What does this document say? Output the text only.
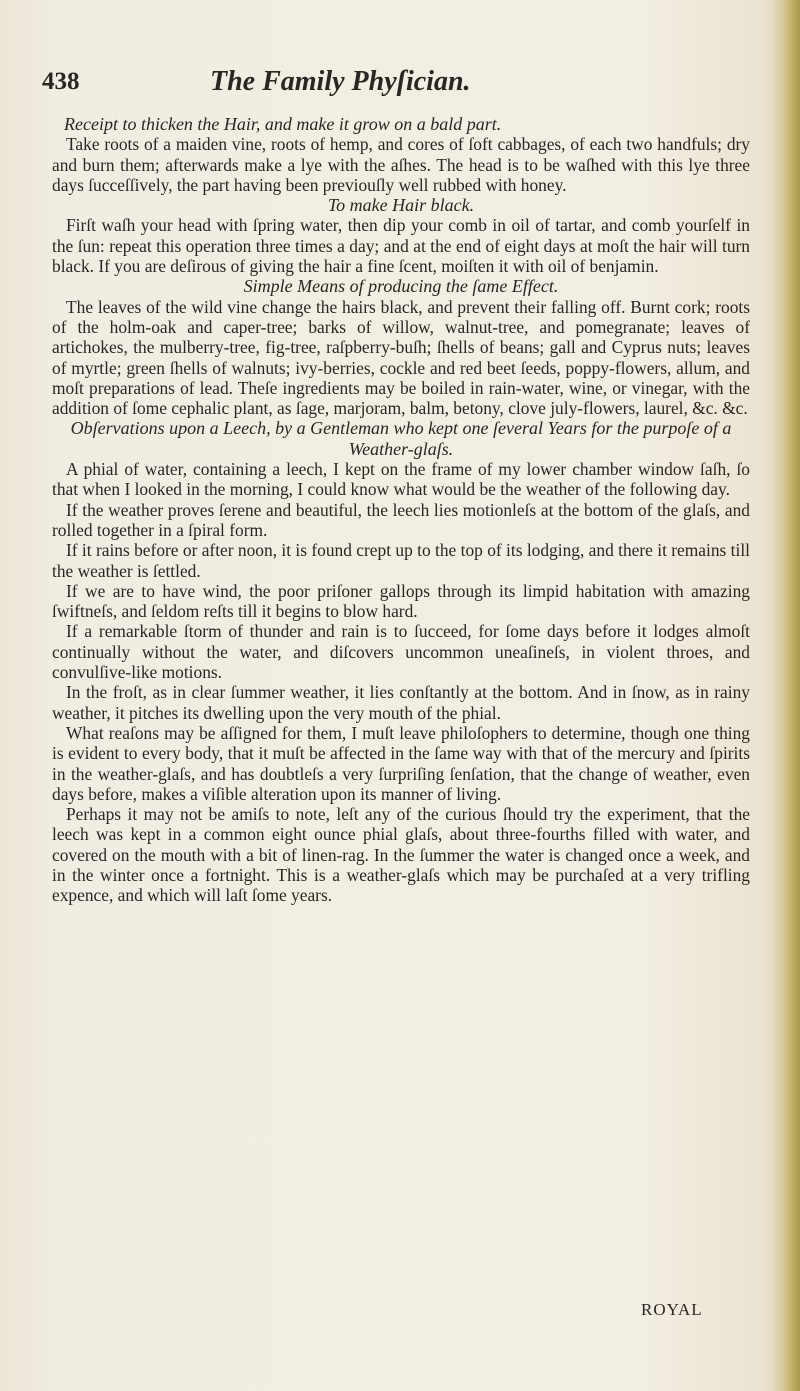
438	The Family Phyſician.
Receipt to thicken the Hair, and make it grow on a bald part.

Take roots of a maiden vine, roots of hemp, and cores of ſoft cabbages, of each two handfuls; dry and burn them; afterwards make a lye with the aſhes. The head is to be waſhed with this lye three days ſucceſſively, the part having been previouſly well rubbed with honey.

To make Hair black.

Firſt waſh your head with ſpring water, then dip your comb in oil of tartar, and comb yourſelf in the ſun: repeat this operation three times a day; and at the end of eight days at moſt the hair will turn black. If you are deſirous of giving the hair a fine ſcent, moiſten it with oil of benjamin.

Simple Means of producing the ſame Effect.

The leaves of the wild vine change the hairs black, and prevent their falling off. Burnt cork; roots of the holm-oak and caper-tree; barks of willow, walnut-tree, and pomegranate; leaves of artichokes, the mulberry-tree, fig-tree, raſpberry-buſh; ſhells of beans; gall and Cyprus nuts; leaves of myrtle; green ſhells of walnuts; ivy-berries, cockle and red beet ſeeds, poppy-flowers, allum, and moſt preparations of lead. Theſe ingredients may be boiled in rain-water, wine, or vinegar, with the addition of ſome cephalic plant, as ſage, marjoram, balm, betony, clove july-flowers, laurel, &c. &c.

Obſervations upon a Leech, by a Gentleman who kept one ſeveral Years for the purpoſe of a Weather-glaſs.

A phial of water, containing a leech, I kept on the frame of my lower chamber window ſaſh, ſo that when I looked in the morning, I could know what would be the weather of the following day.

If the weather proves ſerene and beautiful, the leech lies motionleſs at the bottom of the glaſs, and rolled together in a ſpiral form.

If it rains before or after noon, it is found crept up to the top of its lodging, and there it remains till the weather is ſettled.

If we are to have wind, the poor priſoner gallops through its limpid habitation with amazing ſwiftneſs, and ſeldom reſts till it begins to blow hard.

If a remarkable ſtorm of thunder and rain is to ſucceed, for ſome days before it lodges almoſt continually without the water, and diſcovers uncommon uneaſineſs, in violent throes, and convulſive-like motions.

In the froſt, as in clear ſummer weather, it lies conſtantly at the bottom. And in ſnow, as in rainy weather, it pitches its dwelling upon the very mouth of the phial.

What reaſons may be aſſigned for them, I muſt leave philoſophers to determine, though one thing is evident to every body, that it muſt be affected in the ſame way with that of the mercury and ſpirits in the weather-glaſs, and has doubtleſs a very ſurpriſing ſenſation, that the change of weather, even days before, makes a viſible alteration upon its manner of living.

Perhaps it may not be amiſs to note, leſt any of the curious ſhould try the experiment, that the leech was kept in a common eight ounce phial glaſs, about three-fourths filled with water, and covered on the mouth with a bit of linen-rag. In the ſummer the water is changed once a week, and in the winter once a fortnight. This is a weather-glaſs which may be purchaſed at a very trifling expence, and which will laſt ſome years.

ROYAL
